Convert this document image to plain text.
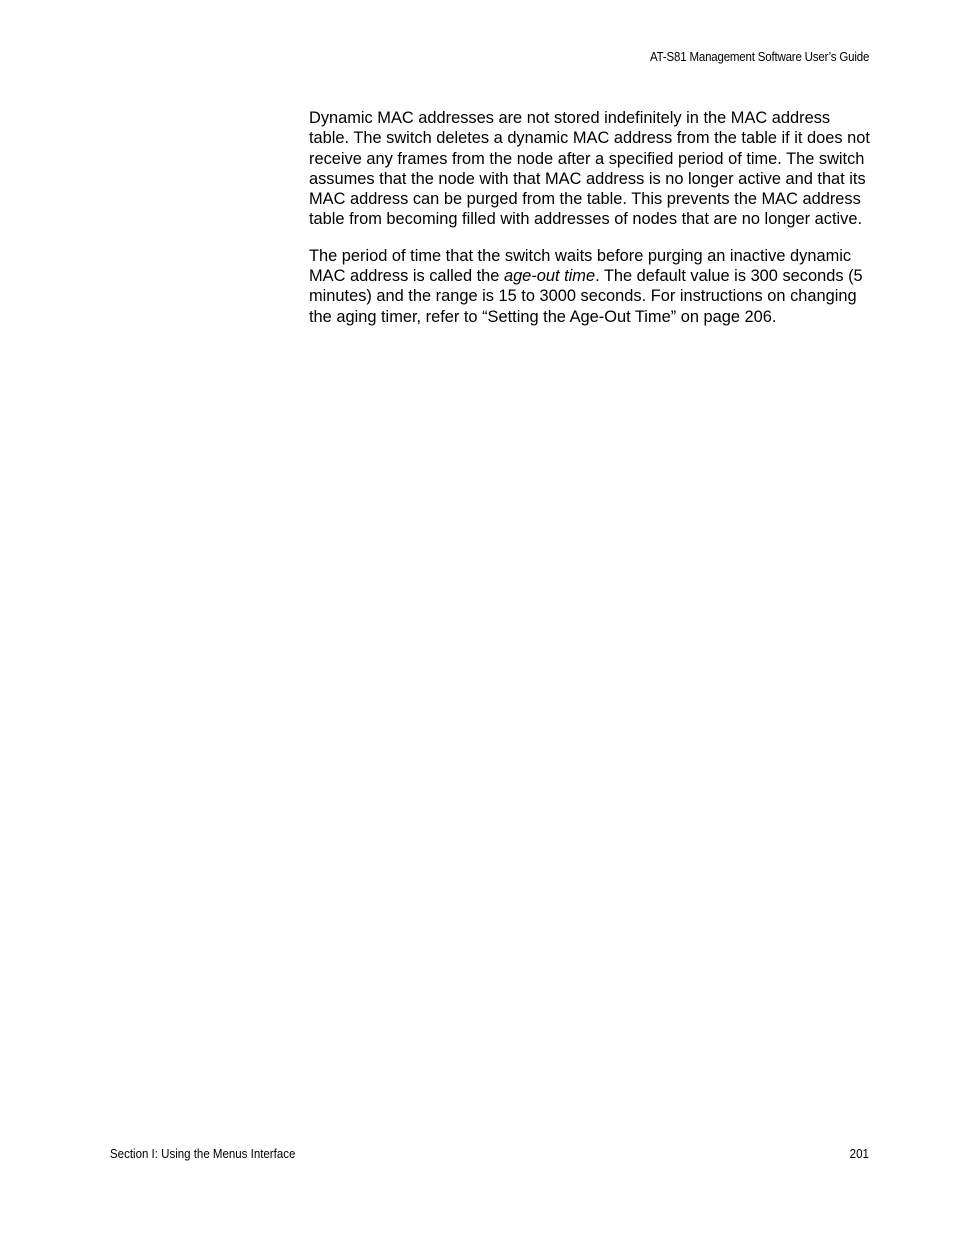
AT-S81 Management Software User’s Guide

Dynamic MAC addresses are not stored indefinitely in the MAC address table. The switch deletes a dynamic MAC address from the table if it does not receive any frames from the node after a specified period of time. The switch assumes that the node with that MAC address is no longer active and that its MAC address can be purged from the table. This prevents the MAC address table from becoming filled with addresses of nodes that are no longer active.

The period of time that the switch waits before purging an inactive dynamic MAC address is called the age-out time. The default value is 300 seconds (5 minutes) and the range is 15 to 3000 seconds. For instructions on changing the aging timer, refer to “Setting the Age-Out Time” on page 206.

Section I: Using the Menus Interface	201
